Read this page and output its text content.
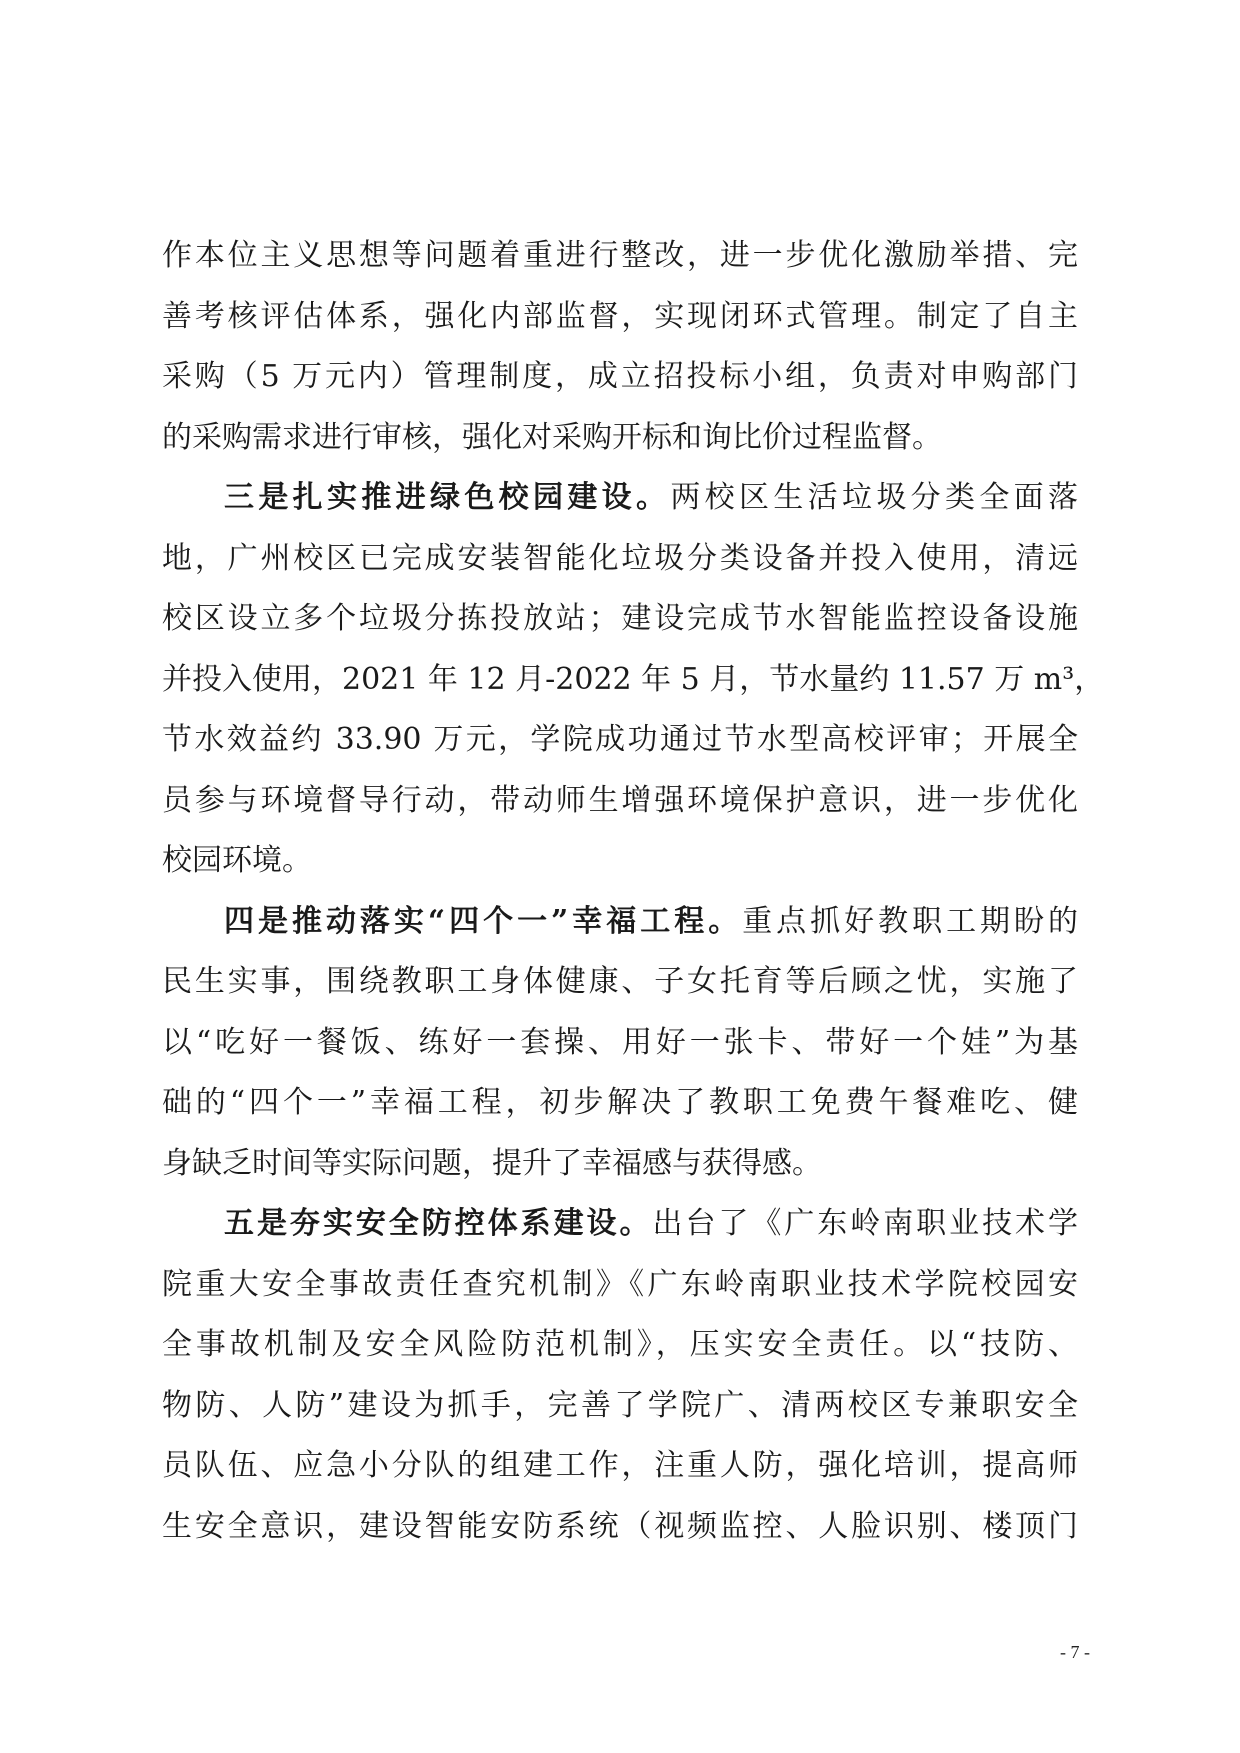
作本位主义思想等问题着重进行整改，进一步优化激励举措、完
善考核评估体系，强化内部监督，实现闭环式管理。制定了自主
采购（5 万元内）管理制度，成立招投标小组，负责对申购部门
的采购需求进行审核，强化对采购开标和询比价过程监督。
三是扎实推进绿色校园建设。两校区生活垃圾分类全面落
地，广州校区已完成安装智能化垃圾分类设备并投入使用，清远
校区设立多个垃圾分拣投放站；建设完成节水智能监控设备设施
并投入使用，2021 年 12 月-2022 年 5 月，节水量约 11.57 万 m³，
节水效益约 33.90 万元，学院成功通过节水型高校评审；开展全
员参与环境督导行动，带动师生增强环境保护意识，进一步优化
校园环境。
四是推动落实“四个一”幸福工程。重点抓好教职工期盼的
民生实事，围绕教职工身体健康、子女托育等后顾之忧，实施了
以“吃好一餐饭、练好一套操、用好一张卡、带好一个娃”为基
础的“四个一”幸福工程，初步解决了教职工免费午餐难吃、健
身缺乏时间等实际问题，提升了幸福感与获得感。
五是夯实安全防控体系建设。出台了《广东岭南职业技术学
院重大安全事故责任查究机制》《广东岭南职业技术学院校园安
全事故机制及安全风险防范机制》，压实安全责任。以“技防、
物防、人防”建设为抓手，完善了学院广、清两校区专兼职安全
员队伍、应急小分队的组建工作，注重人防，强化培训，提高师
生安全意识，建设智能安防系统（视频监控、人脸识别、楼顶门
- 7 -
